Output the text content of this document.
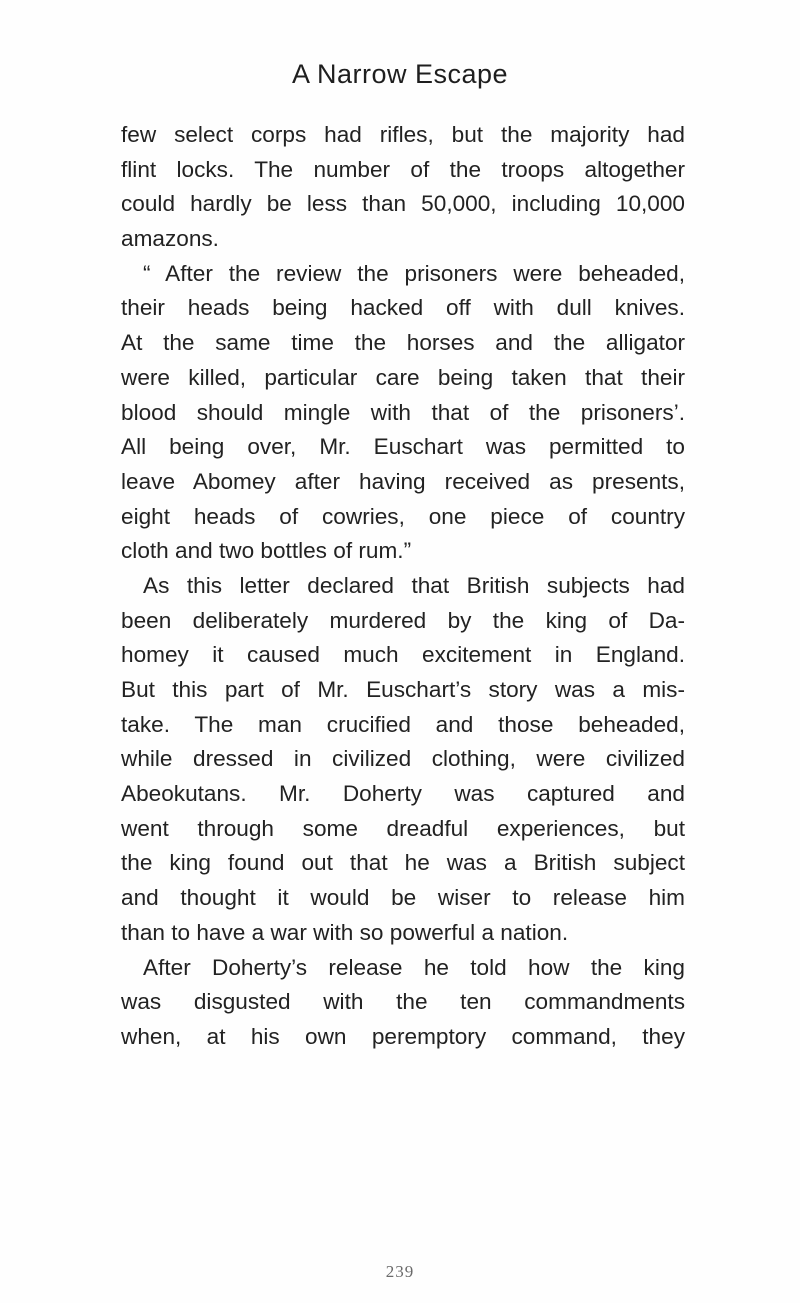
A Narrow Escape
few select corps had rifles, but the majority had
flint locks. The number of the troops altogether
could hardly be less than 50,000, including 10,000
amazons.
“ After the review the prisoners were beheaded,
their heads being hacked off with dull knives.
At the same time the horses and the alligator
were killed, particular care being taken that their
blood should mingle with that of the prisoners’.
All being over, Mr. Euschart was permitted to
leave Abomey after having received as presents,
eight heads of cowries, one piece of country
cloth and two bottles of rum.”
As this letter declared that British subjects had
been deliberately murdered by the king of Da-
homey it caused much excitement in England.
But this part of Mr. Euschart’s story was a mis-
take. The man crucified and those beheaded,
while dressed in civilized clothing, were civilized
Abeokutans. Mr. Doherty was captured and
went through some dreadful experiences, but
the king found out that he was a British subject
and thought it would be wiser to release him
than to have a war with so powerful a nation.
After Doherty’s release he told how the king
was disgusted with the ten commandments
when, at his own peremptory command, they
239
